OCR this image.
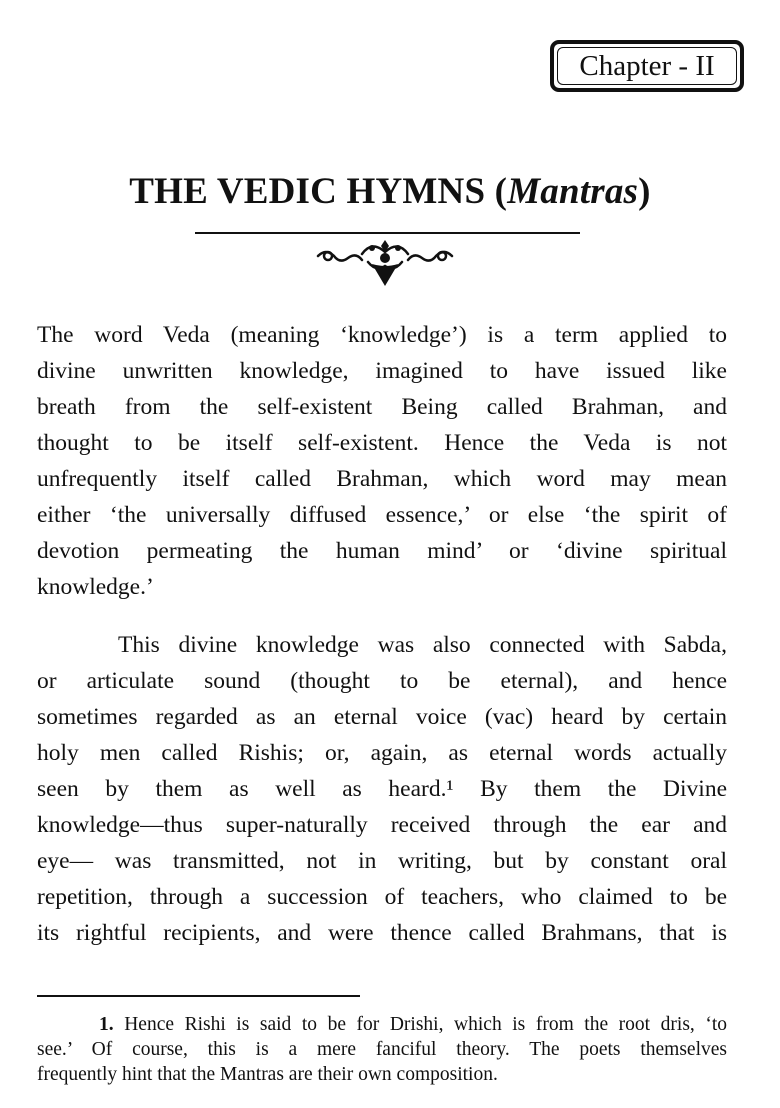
Chapter - II
THE VEDIC HYMNS (Mantras)
The word Veda (meaning ‘knowledge’) is a term applied to
divine unwritten knowledge, imagined to have issued like
breath from the self-existent Being called Brahman, and
thought to be itself self-existent. Hence the Veda is not
unfrequently itself called Brahman, which word may mean
either ‘the universally diffused essence,’ or else ‘the spirit of
devotion permeating the human mind’ or ‘divine spiritual
knowledge.’
This divine knowledge was also connected with Sabda,
or articulate sound (thought to be eternal), and hence
sometimes regarded as an eternal voice (vac) heard by certain
holy men called Rishis; or, again, as eternal words actually
seen by them as well as heard.¹ By them the Divine
knowledge—thus super-naturally received through the ear and
eye— was transmitted, not in writing, but by constant oral
repetition, through a succession of teachers, who claimed to be
its rightful recipients, and were thence called Brahmans, that is
1. Hence Rishi is said to be for Drishi, which is from the root dris, ‘to
see.’ Of course, this is a mere fanciful theory. The poets themselves
frequently hint that the Mantras are their own composition.
